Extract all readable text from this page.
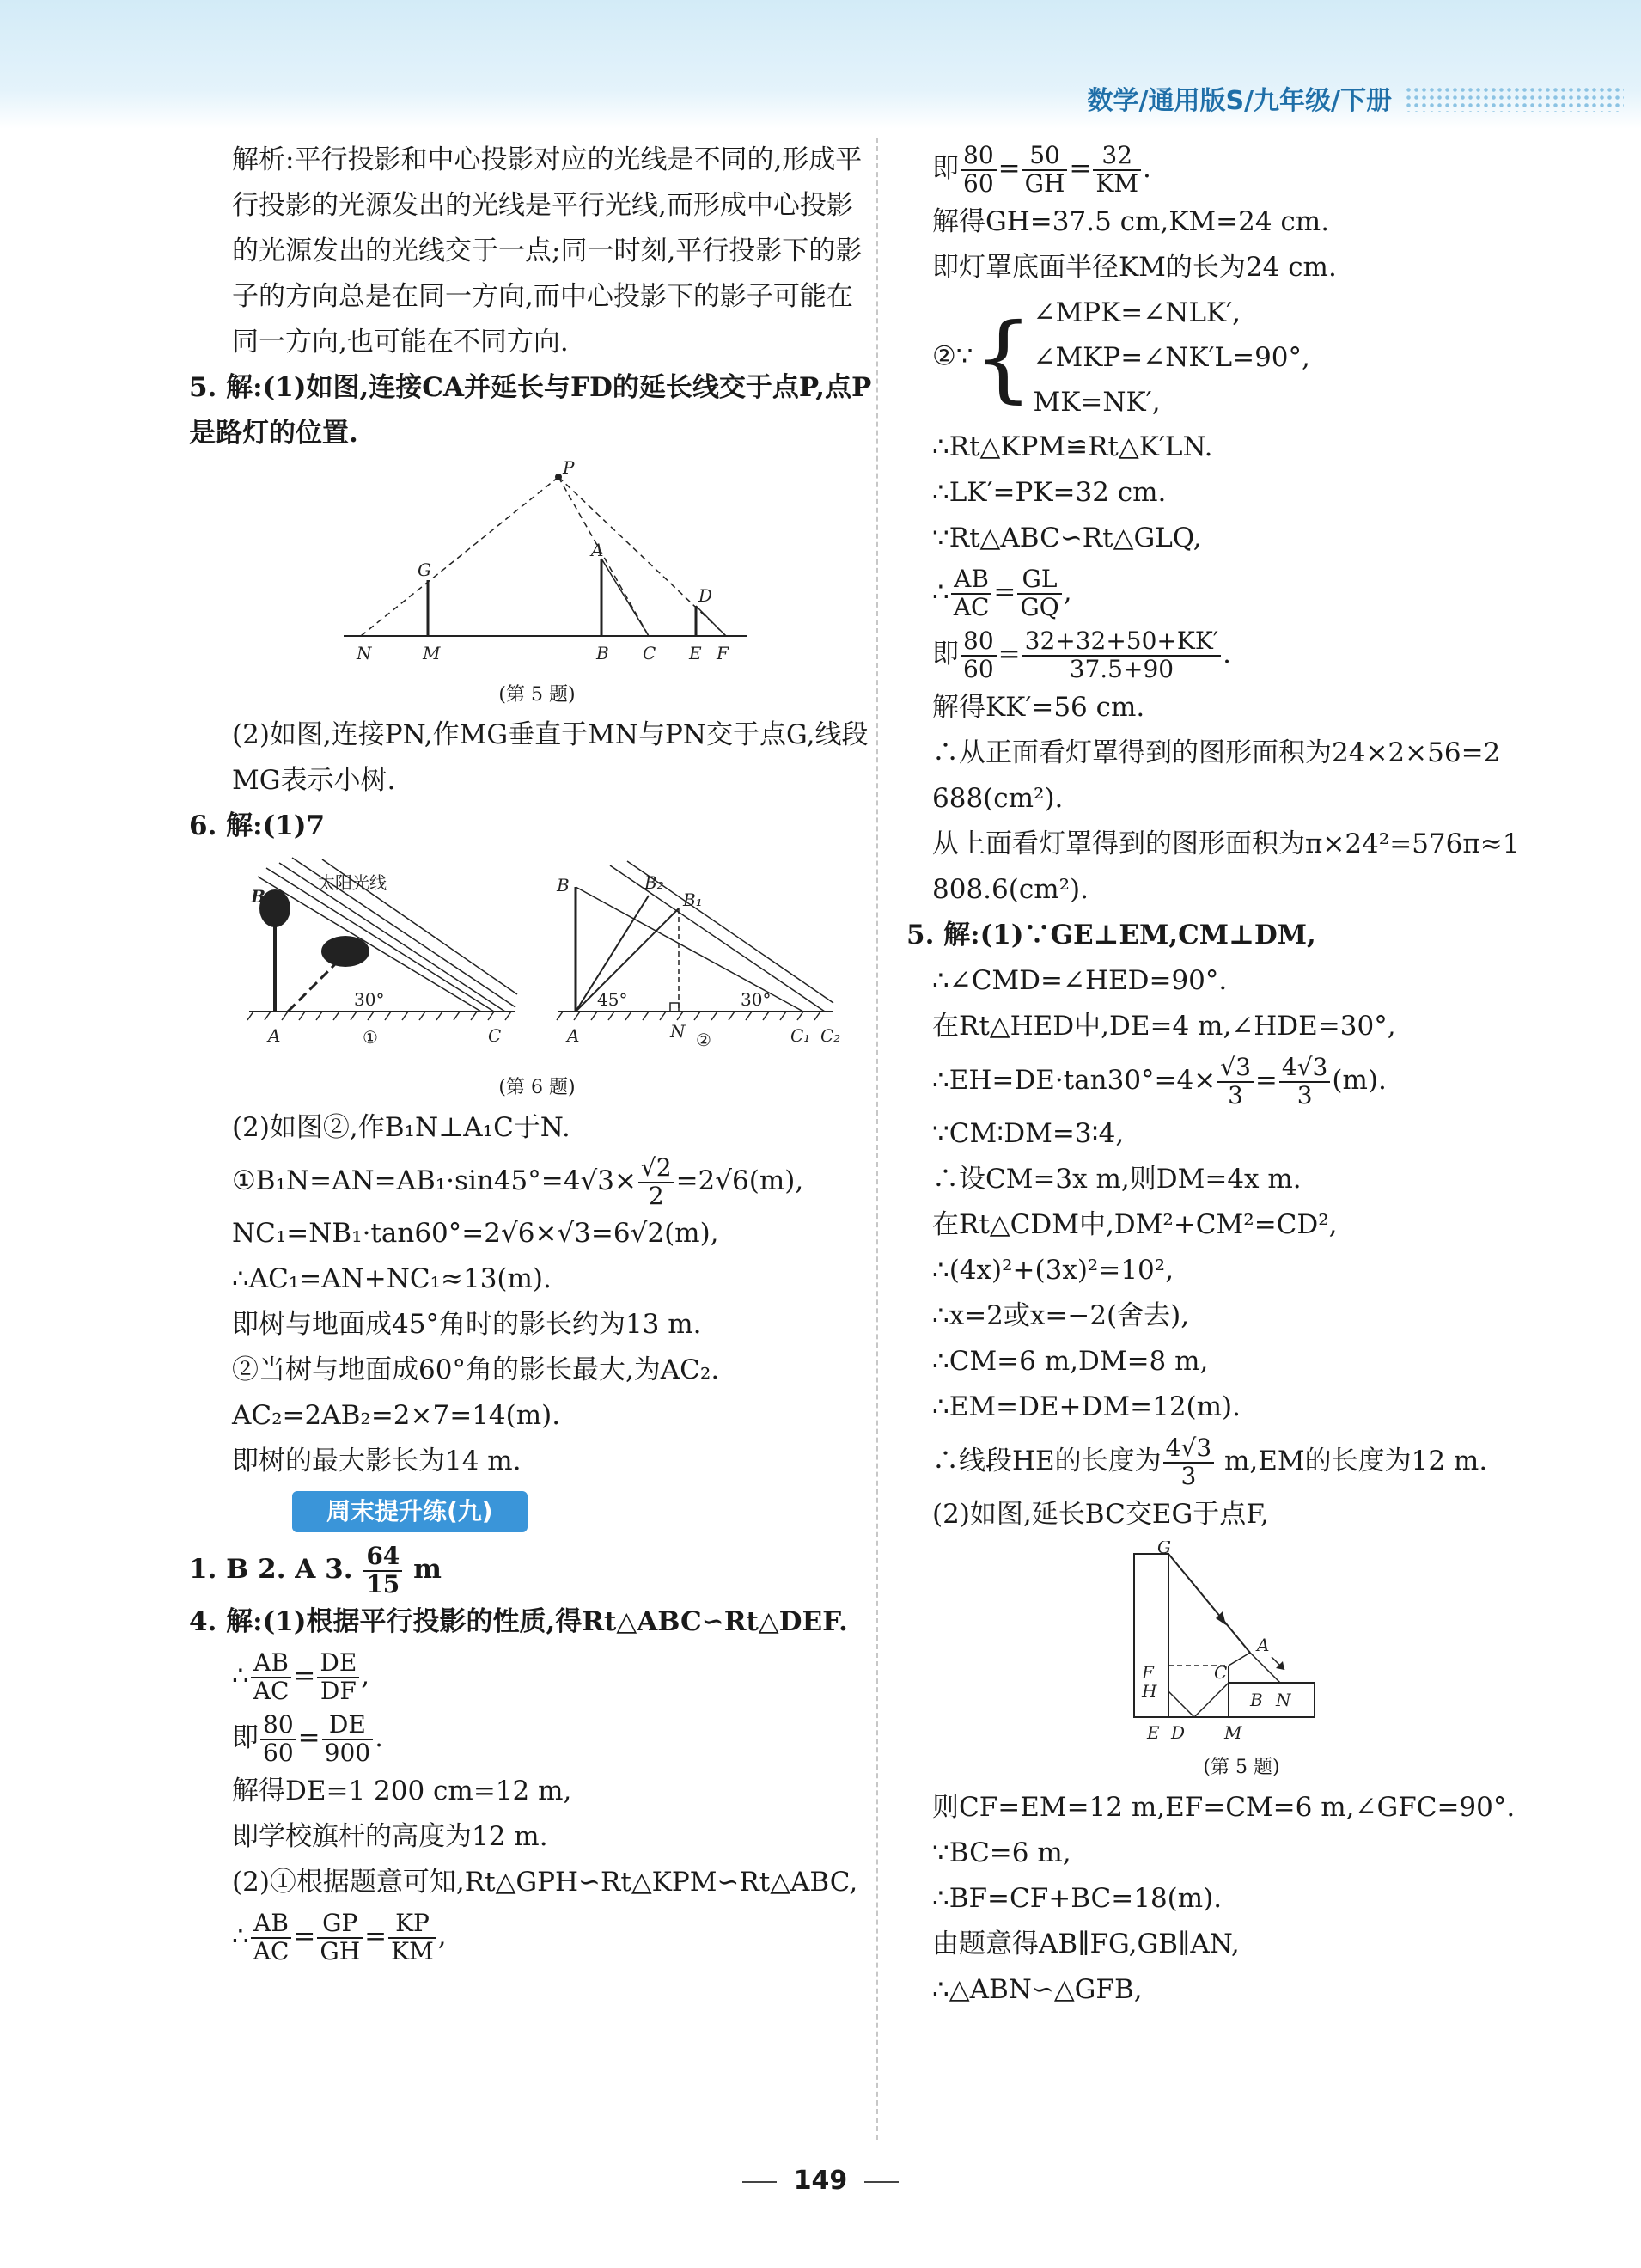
数学/通用版S/九年级/下册

解析:平行投影和中心投影对应的光线是不同的,形成平行投影的光源发出的光线是平行光线,而形成中心投影的光源发出的光线交于一点;同一时刻,平行投影下的影子的方向总是在同一方向,而中心投影下的影子可能在同一方向,也可能在不同方向.

5. 解:(1)如图,连接CA并延长与FD的延长线交于点P,点P是路灯的位置.

P
G
A
D
N	M	B C E F
(第 5 题)

(2)如图,连接PN,作MG垂直于MN与PN交于点G,线段MG表示小树.

6. 解:(1)7

B
太阳光线
30°
A	①	C
B	B₂
B₁
45°	30°
A	N ②	C₁ C₂
(第 6 题)

(2)如图②,作B₁N⊥A₁C于N.

①B₁N=AN=AB₁·sin45°=4√3× $\frac{√2}{2} =2√6(m)$,

NC₁=NB₁·tan60°=2√6×√3=6√2(m),

∴AC₁=AN+NC₁≈13(m).

即树与地面成45°角时的影长约为13 m.

②当树与地面成60°角的影长最大,为AC₂.

AC₂=2AB₂=2×7=14(m).

即树的最大影长为14 m.

周末提升练(九)

1. B 2. A 3. $\frac{64}{15}$ m

4. 解:(1)根据平行投影的性质,得Rt△ABC∽Rt△DEF.

∴ $\frac{AB}{AC} = \frac{DE}{DF}$ ,

即 $\frac{80}{60} = \frac{DE}{900}$ .

解得DE=1 200 cm=12 m,

即学校旗杆的高度为12 m.

(2)①根据题意可知,Rt△GPH∽Rt△KPM∽Rt△ABC,

∴ $\frac{AB}{AC} = \frac{GP}{GH} = \frac{KP}{KM}$ ,

即 $\frac{80}{60} = \frac{50}{GH} = \frac{32}{KM}$ .

解得GH=37.5 cm,KM=24 cm.

即灯罩底面半径KM的长为24 cm.

②∵{ ∠MPK=∠NLK′,
∠MKP=∠NK′L=90°,
MK=NK′,

∴Rt△KPM≌Rt△K′LN.

∴LK′=PK=32 cm.

∵Rt△ABC∽Rt△GLQ,

∴ $\frac{AB}{AC} = \frac{GL}{GQ}$ ,

即 $\frac{80}{60} = \frac{32+32+50+KK'}{37.5+90}$ .

解得KK′=56 cm.

∴从正面看灯罩得到的图形面积为24×2×56=2 688(cm²).

从上面看灯罩得到的图形面积为π×24²=576π≈1 808.6(cm²).

5. 解:(1)∵GE⊥EM,CM⊥DM,

∴∠CMD=∠HED=90°.

在Rt△HED中,DE=4 m,∠HDE=30°,

∴EH=DE·tan30°=4× $\frac{√3}{3} = \frac{4√3}{3} (m)$.

∵CM∶DM=3∶4,

∴设CM=3x m,则DM=4x m.

在Rt△CDM中,DM²+CM²=CD²,

∴(4x)²+(3x)²=10²,

∴x=2或x=−2(舍去),

∴CM=6 m,DM=8 m,

∴EM=DE+DM=12(m).

∴线段HE的长度为 $\frac{4√3}{3} m,EM$的长度为12 m.

(2)如图,延长BC交EG于点F,

G
A
F	C
H	B N
E D M
(第 5 题)

则CF=EM=12 m,EF=CM=6 m,∠GFC=90°.

∵BC=6 m,

∴BF=CF+BC=18(m).

由题意得AB∥FG,GB∥AN,

∴△ABN∽△GFB,

149
